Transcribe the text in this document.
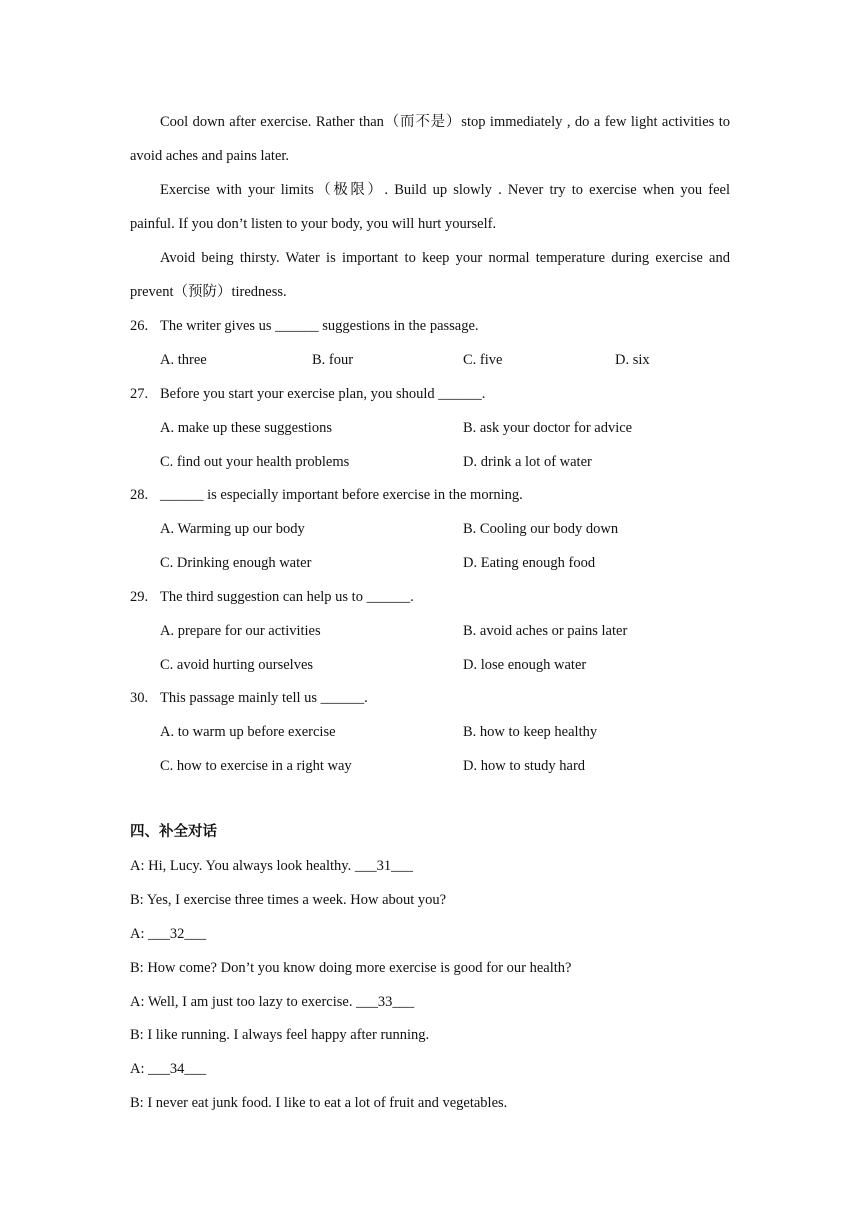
Cool down after exercise. Rather than（而不是）stop immediately , do a few light activities to
avoid aches and pains later.
Exercise with your limits（极限）. Build up slowly . Never try to exercise when you feel
painful. If you don’t listen to your body, you will hurt yourself.
Avoid being thirsty. Water is important to keep your normal temperature during exercise and
prevent（预防）tiredness.
26. The writer gives us ______ suggestions in the passage.
A. three	B. four	C. five	D. six
27. Before you start your exercise plan, you should ______.
A. make up these suggestions	B. ask your doctor for advice
C. find out your health problems	D. drink a lot of water
28. ______ is especially important before exercise in the morning.
A. Warming up our body	B. Cooling our body down
C. Drinking enough water	D. Eating enough food
29. The third suggestion can help us to ______.
A. prepare for our activities	B. avoid aches or pains later
C. avoid hurting ourselves	D. lose enough water
30. This passage mainly tell us ______.
A. to warm up before exercise	B. how to keep healthy
C. how to exercise in a right way	D. how to study hard
四、补全对话
A: Hi, Lucy. You always look healthy. ___31___
B: Yes, I exercise three times a week. How about you?
A: ___32___
B: How come? Don’t you know doing more exercise is good for our health?
A: Well, I am just too lazy to exercise. ___33___
B: I like running. I always feel happy after running.
A: ___34___
B: I never eat junk food. I like to eat a lot of fruit and vegetables.
